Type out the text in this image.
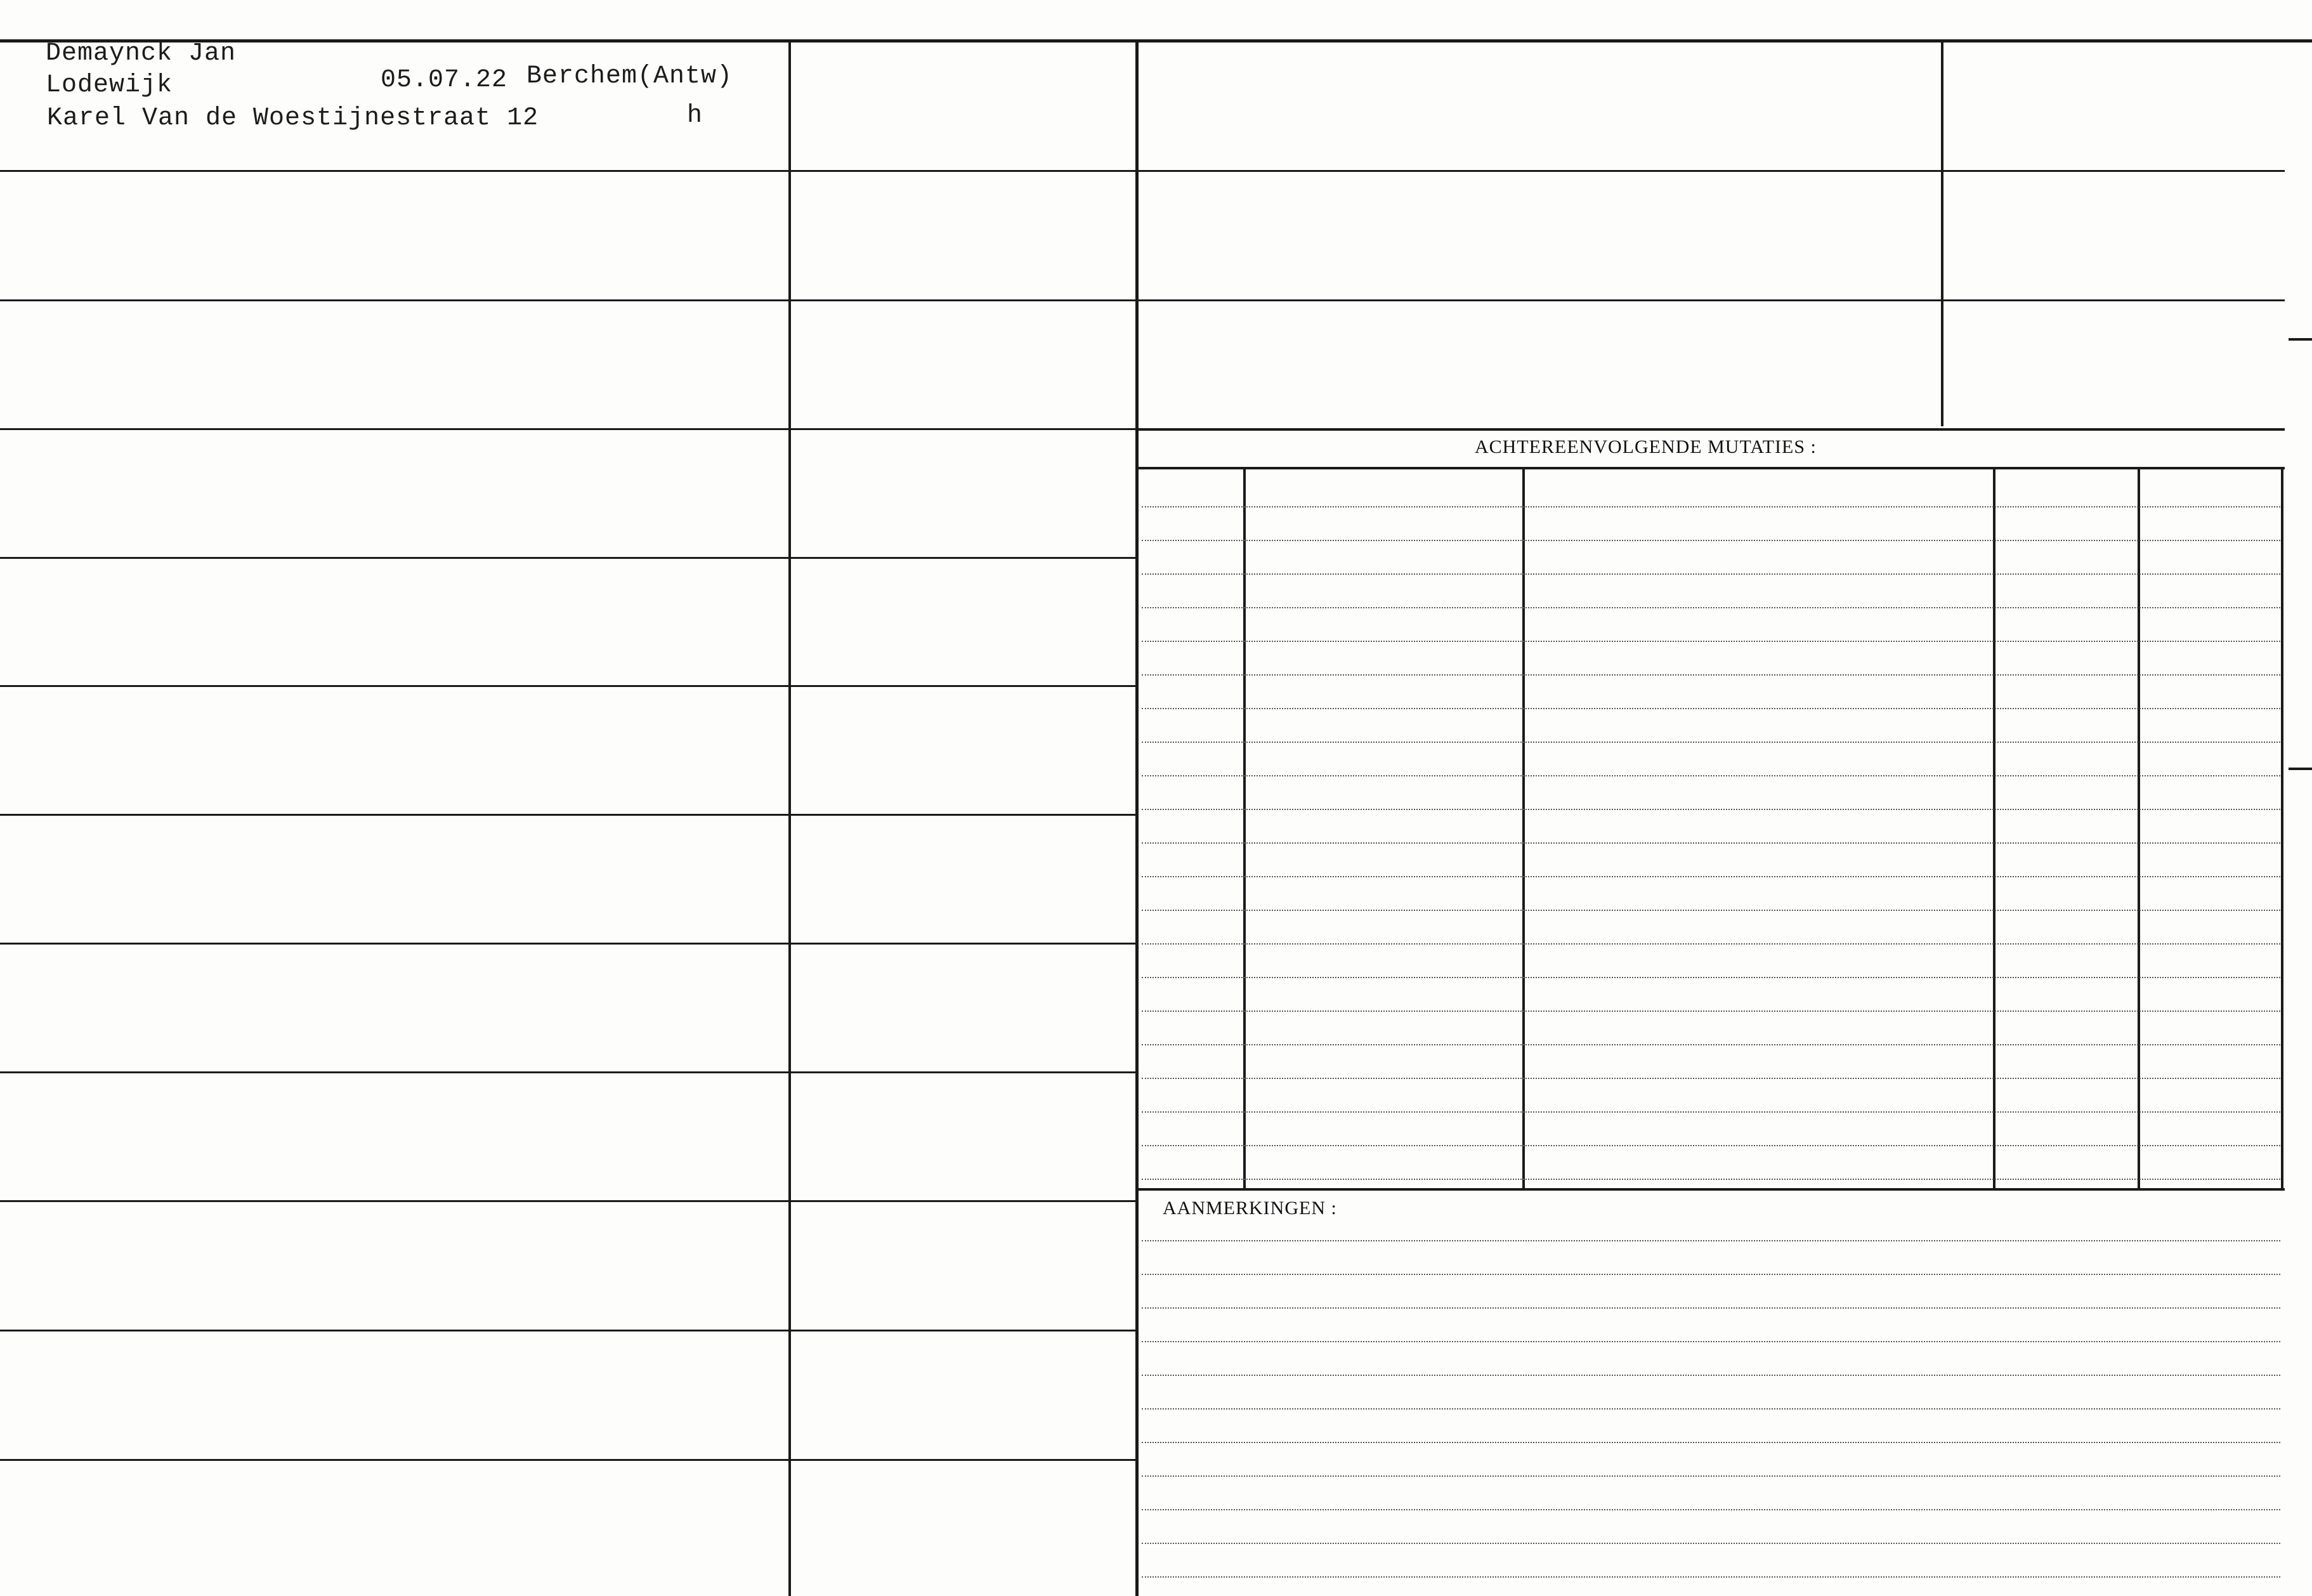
ACHTEREENVOLGENDE MUTATIES :
AANMERKINGEN :
Demaynck Jan
Lodewijk	05.07.22 Berchem(Antw)
Karel Van de Woestijnestraat 12	h
